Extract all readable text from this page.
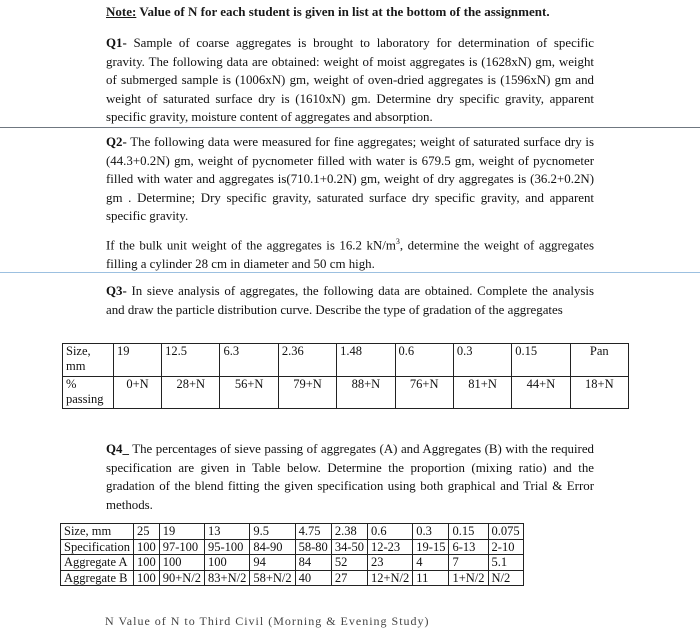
Note: Value of N for each student is given in list at the bottom of the assignment.
Q1- Sample of coarse aggregates is brought to laboratory for determination of specific gravity. The following data are obtained: weight of moist aggregates is (1628xN) gm, weight of submerged sample is (1006xN) gm, weight of oven-dried aggregates is (1596xN) gm and weight of saturated surface dry is (1610xN) gm. Determine dry specific gravity, apparent specific gravity, moisture content of aggregates and absorption.
Q2- The following data were measured for fine aggregates; weight of saturated surface dry is (44.3+0.2N) gm, weight of pycnometer filled with water is 679.5 gm, weight of pycnometer filled with water and aggregates is(710.1+0.2N) gm, weight of dry aggregates is (36.2+0.2N) gm . Determine; Dry specific gravity, saturated surface dry specific gravity, and apparent specific gravity.
If the bulk unit weight of the aggregates is 16.2 $kN/m^3$, determine the weight of aggregates filling a cylinder 28 cm in diameter and 50 cm high.
Q3- In sieve analysis of aggregates, the following data are obtained. Complete the analysis and draw the particle distribution curve. Describe the type of gradation of the aggregates
Size, mm	19	12.5	6.3	2.36	1.48	0.6	0.3	0.15	Pan
% passing	0+N	28+N	56+N	79+N	88+N	76+N	81+N	44+N	18+N
Q4_ The percentages of sieve passing of aggregates (A) and Aggregates (B) with the required specification are given in Table below. Determine the proportion (mixing ratio) and the gradation of the blend fitting the given specification using both graphical and Trial & Error methods.
Size, mm	25	19	13	9.5	4.75	2.38	0.6	0.3	0.15	0.075
Specification	100	97-100	95-100	84-90	58-80	34-50	12-23	19-15	6-13	2-10
Aggregate A	100	100	100	94	84	52	23	4	7	5.1
Aggregate B	100	90+N/2	83+N/2	58+N/2	40	27	12+N/2	11	1+N/2	N/2
N Value of N to Third Civil (Morning & Evening Study)
